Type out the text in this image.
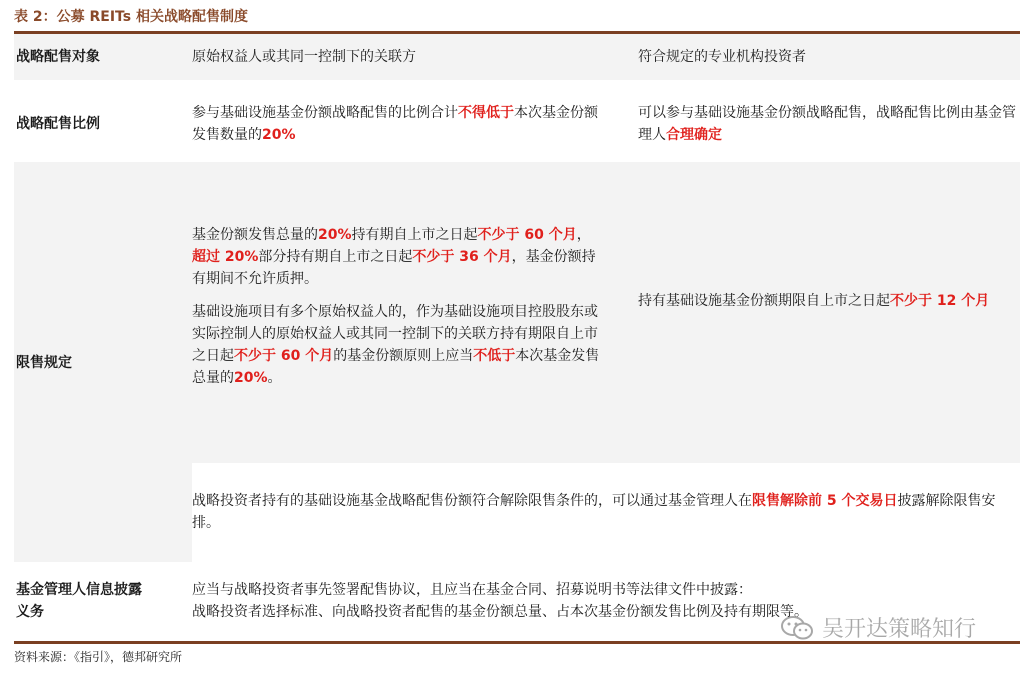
表 2：公募 REITs 相关战略配售制度
战略配售对象	原始权益人或其同一控制下的关联方	符合规定的专业机构投资者
战略配售比例
参与基础设施基金份额战略配售的比例合计不得低于本次基金份额发售数量的20%
可以参与基础设施基金份额战略配售，战略配售比例由基金管理人合理确定
限售规定

基金份额发售总量的20%持有期自上市之日起不少于 60 个月，超过 20%部分持有期自上市之日起不少于 36 个月，基金份额持有期间不允许质押。

基础设施项目有多个原始权益人的，作为基础设施项目控股股东或实际控制人的原始权益人或其同一控制下的关联方持有期限自上市之日起不少于 60 个月的基金份额原则上应当不低于本次基金发售总量的20%。

持有基础设施基金份额期限自上市之日起不少于 12 个月
战略投资者持有的基础设施基金战略配售份额符合解除限售条件的，可以通过基金管理人在限售解除前 5 个交易日披露解除限售安排。
基金管理人信息披露义务
应当与战略投资者事先签署配售协议，且应当在基金合同、招募说明书等法律文件中披露：
战略投资者选择标准、向战略投资者配售的基金份额总量、占本次基金份额发售比例及持有期限等。
资料来源：《指引》，德邦研究所
吴开达策略知行
